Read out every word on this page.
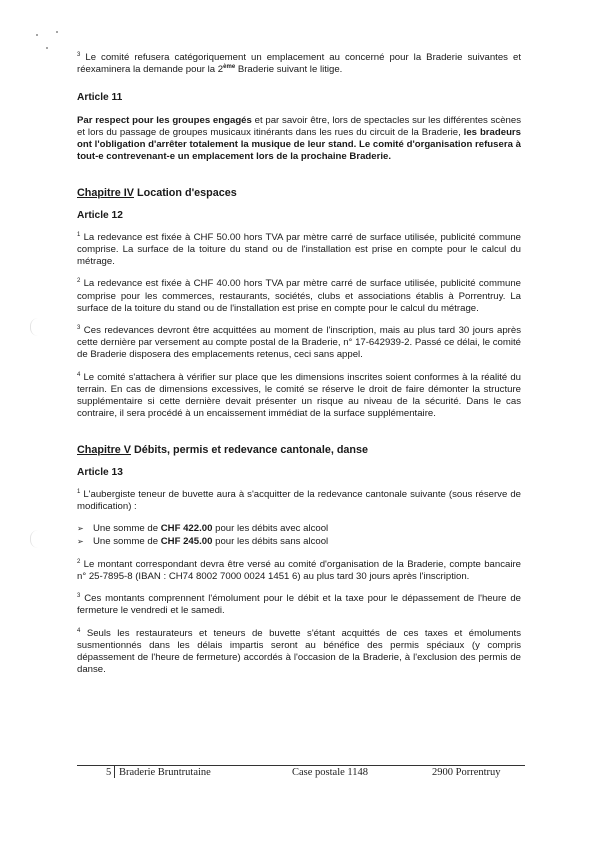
$^3$ Le comité refusera catégoriquement un emplacement au concerné pour la Braderie suivantes et réexaminera la demande pour la 2ème Braderie suivant le litige.

Article 11

Par respect pour les groupes engagés et par savoir être, lors de spectacles sur les différentes scènes et lors du passage de groupes musicaux itinérants dans les rues du circuit de la Braderie, les bradeurs ont l'obligation d'arrêter totalement la musique de leur stand. Le comité d'organisation refusera à tout-e contrevenant-e un emplacement lors de la prochaine Braderie.

Chapitre IV Location d'espaces
Article 12

$^1$ La redevance est fixée à CHF 50.00 hors TVA par mètre carré de surface utilisée, publicité commune comprise. La surface de la toiture du stand ou de l'installation est prise en compte pour le calcul du métrage.

$^2$ La redevance est fixée à CHF 40.00 hors TVA par mètre carré de surface utilisée, publicité commune comprise pour les commerces, restaurants, sociétés, clubs et associations établis à Porrentruy. La surface de la toiture du stand ou de l'installation est prise en compte pour le calcul du métrage.

$^3$ Ces redevances devront être acquittées au moment de l'inscription, mais au plus tard 30 jours après cette dernière par versement au compte postal de la Braderie, n° 17-642939-2. Passé ce délai, le comité de Braderie disposera des emplacements retenus, ceci sans appel.

$^4$ Le comité s'attachera à vérifier sur place que les dimensions inscrites soient conformes à la réalité du terrain. En cas de dimensions excessives, le comité se réserve le droit de faire démonter la structure supplémentaire si cette dernière devait présenter un risque au niveau de la sécurité. Dans le cas contraire, il sera procédé à un encaissement immédiat de la surface supplémentaire.

Chapitre V Débits, permis et redevance cantonale, danse
Article 13

$^1$ L'aubergiste teneur de buvette aura à s'acquitter de la redevance cantonale suivante (sous réserve de modification) :

➢ Une somme de CHF 422.00 pour les débits avec alcool
➢ Une somme de CHF 245.00 pour les débits sans alcool

$^2$ Le montant correspondant devra être versé au comité d'organisation de la Braderie, compte bancaire n° 25-7895-8 (IBAN : CH74 8002 7000 0024 1451 6) au plus tard 30 jours après l'inscription.

$^3$ Ces montants comprennent l'émolument pour le débit et la taxe pour le dépassement de l'heure de fermeture le vendredi et le samedi.

$^4$ Seuls les restaurateurs et teneurs de buvette s'étant acquittés de ces taxes et émoluments susmentionnés dans les délais impartis seront au bénéfice des permis spéciaux (y compris dépassement de l'heure de fermeture) accordés à l'occasion de la Braderie, à l'exclusion des permis de danse.

5 Braderie Bruntrutaine	Case postale 1148	2900 Porrentruy
